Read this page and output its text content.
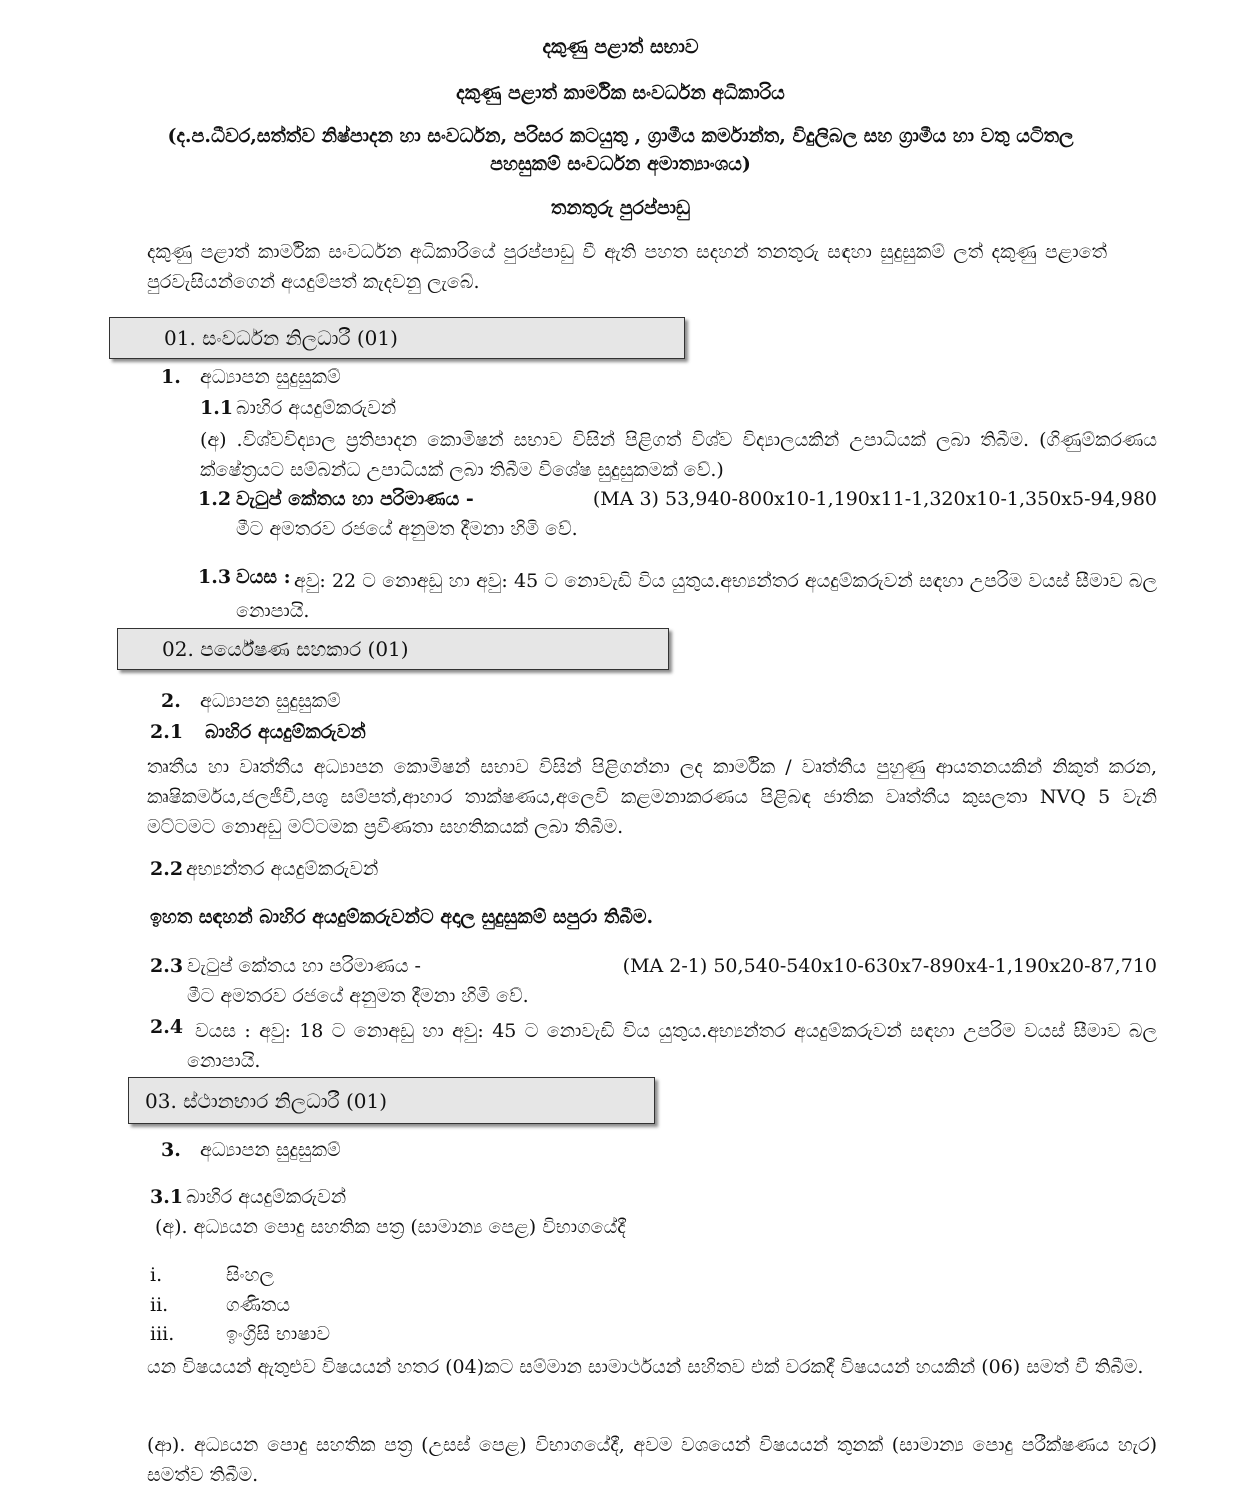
දකුණු පළාත් සභාව
දකුණු පළාත් කාර්මික සංවර්ධන අධිකාරිය
(ද.ප.ධීවර,සත්ත්ව නිෂ්පාදන හා සංවර්ධන, පරිසර කටයුතු , ග්‍රාමීය කර්මාන්ත, විදුලිබල සහ ග්‍රාමීය හා වතු යටිතල
පහසුකම් සංවර්ධන අමාත්‍යාංශය)
තනතුරු පුරප්පාඩු
දකුණු පළාත් කාර්මික සංවර්ධන අධිකාරියේ පුරප්පාඩු වී ඇති පහත සදහන් තනතුරු සඳහා සුදුසුකම් ලත් දකුණු පළාතේ පුරවැසියන්ගෙන් අයදුම්පත් කැදවනු ලැබේ.
01. සංවර්ධන නිලධාරී (01)
1. අධ්‍යාපන සුදුසුකම්
1.1 බාහිර අයදුම්කරුවන්
(අ) .විශ්වවිද්‍යාල ප්‍රතිපාදන කොමිෂන් සභාව විසින් පිළිගත් විශ්ව විද්‍යාලයකින් උපාධියක් ලබා තිබීම. (ගිණුම්කරණය ක්ෂේත්‍රයට සම්බන්ධ උපාධියක් ලබා තිබීම විශේෂ සුදුසුකමක් වේ.)
1.2 වැටුප් කේතය හා පරිමාණය -	(MA 3) 53,940-800x10-1,190x11-1,320x10-1,350x5-94,980
මීට අමතරව රජයේ අනුමත දීමනා හිමි වේ.
1.3 වයස : අවු: 22 ට නොඅඩු හා අවු: 45 ට නොවැඩි විය යුතුය.අභ්‍යන්තර අයදුම්කරුවන් සඳහා උපරිම වයස් සීමාව බල නොපායි.
02. පර්යේෂණ සහකාර (01)
2. අධ්‍යාපන සුදුසුකම්
2.1 බාහිර අයදුම්කරුවන්
තෘතීය හා වෘත්තීය අධ්‍යාපන කොමිෂන් සභාව විසින් පිළිගන්නා ලද කාර්මික / වෘත්තීය පුහුණු ආයතනයකින් නිකුත් කරන, කෘෂිකර්මය,ජලජීවී,පශු සම්පත්,ආහාර තාක්ෂණය,අලෙවි කළමනාකරණය පිළිබඳ ජාතික වෘත්තීය කුසලතා NVQ 5 වැනි මට්ටමට නොඅඩු මට්ටමක ප්‍රවීණතා සහතිකයක් ලබා තිබීම.
2.2 අභ්‍යන්තර අයදුම්කරුවන්
ඉහත සඳහන් බාහිර අයදුම්කරුවන්ට අදාල සුදුසුකම් සපුරා තිබීම.
2.3 වැටුප් කේතය හා පරිමාණය -	(MA 2-1) 50,540-540x10-630x7-890x4-1,190x20-87,710
මීට අමතරව රජයේ අනුමත දීමනා හිමි වේ.
2.4 වයස : අවු: 18 ට නොඅඩු හා අවු: 45 ට නොවැඩි විය යුතුය.අභ්‍යන්තර අයදුම්කරුවන් සඳහා උපරිම වයස් සීමාව බල නොපායි.
03. ස්ථානභාර නිලධාරී (01)
3. අධ්‍යාපන සුදුසුකම්
3.1 බාහිර අයදුම්කරුවන්
(අ). අධ්‍යයන පොදු සහතික පත්‍ර (සාමාන්‍ය පෙළ) විභාගයේදී
i.	සිංහල
ii.	ගණිතය
iii.	ඉංග්‍රිසි භාෂාව
යන විෂයයන් ඇතුළුව විෂයයන් හතර (04)කට සම්මාන සාමාර්ථයන් සහිතව එක් වරකදී විෂයයන් හයකින් (06) සමත් වී තිබීම.
(ආ). අධ්‍යයන පොදු සහතික පත්‍ර (උසස් පෙළ) විභාගයේදී, අවම වශයෙන් විෂයයන් තුනක් (සාමාන්‍ය පොදු පරීක්ෂණය හැර) සමත්ව තිබීම.
